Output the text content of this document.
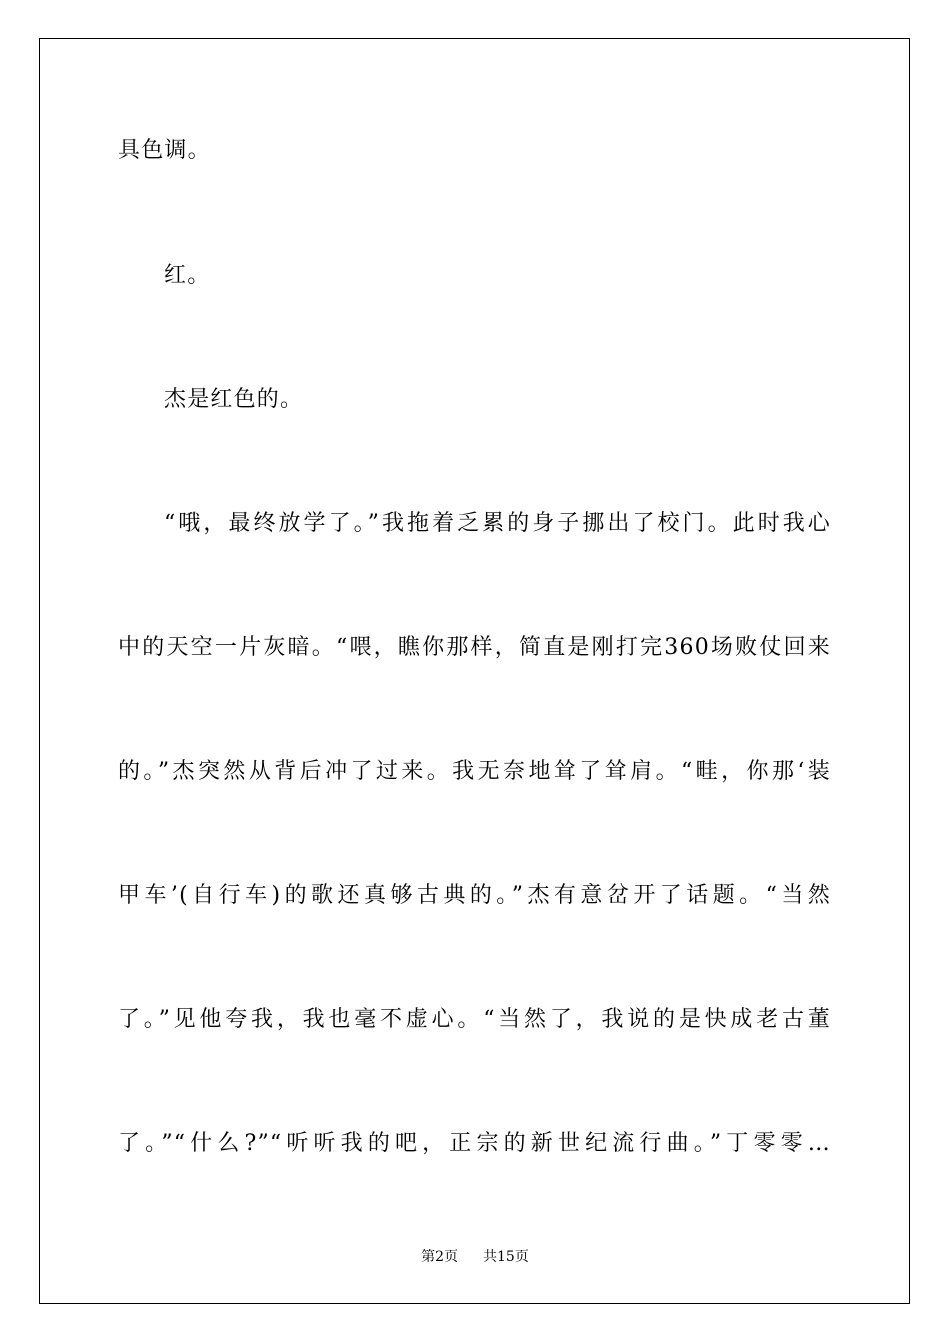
具色调。
红。
杰是红色的。
“哦，最终放学了。”我拖着乏累的身子挪出了校门。此时我心
中的天空一片灰暗。“喂，瞧你那样，简直是刚打完360场败仗回来
的。”杰突然从背后冲了过来。我无奈地耸了耸肩。“畦，你那‘装
甲车’(自行车)的歌还真够古典的。”杰有意岔开了话题。“当然
了。”见他夸我，我也毫不虚心。“当然了，我说的是快成老古董
了。”“什么?”“听听我的吧，正宗的新世纪流行曲。”丁零零…
第2页 共15页
